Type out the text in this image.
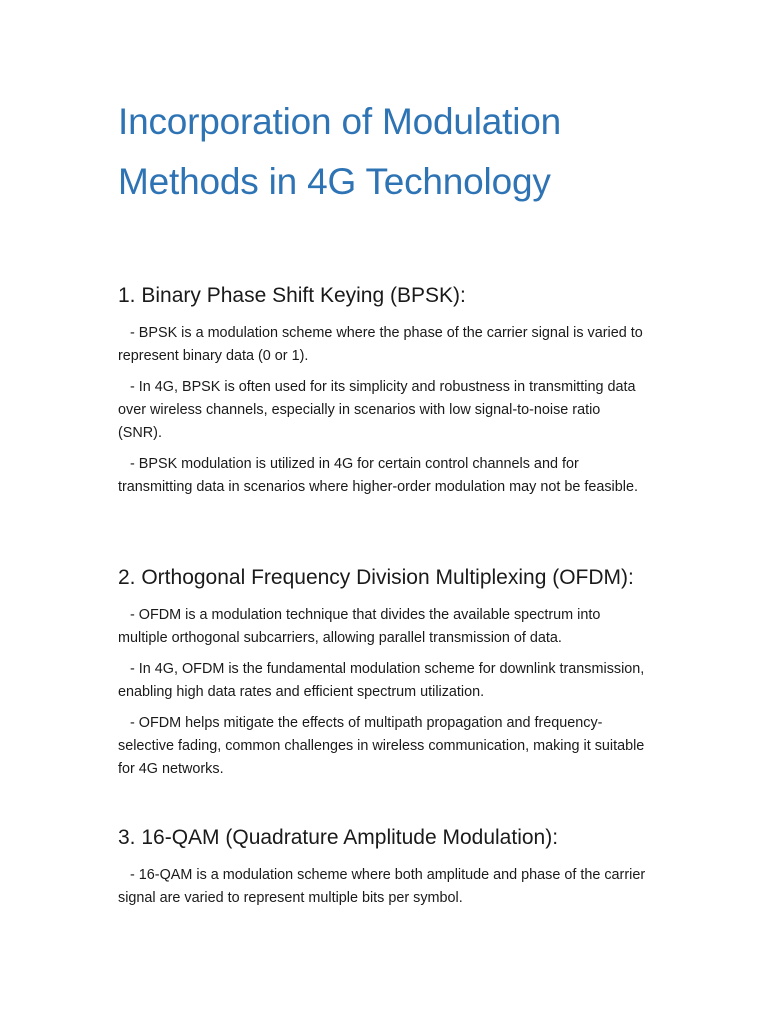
Incorporation of Modulation Methods in 4G Technology
1. Binary Phase Shift Keying (BPSK):

- BPSK is a modulation scheme where the phase of the carrier signal is varied to represent binary data (0 or 1).

- In 4G, BPSK is often used for its simplicity and robustness in transmitting data over wireless channels, especially in scenarios with low signal-to-noise ratio (SNR).

- BPSK modulation is utilized in 4G for certain control channels and for transmitting data in scenarios where higher-order modulation may not be feasible.

2. Orthogonal Frequency Division Multiplexing (OFDM):

- OFDM is a modulation technique that divides the available spectrum into multiple orthogonal subcarriers, allowing parallel transmission of data.

- In 4G, OFDM is the fundamental modulation scheme for downlink transmission, enabling high data rates and efficient spectrum utilization.

- OFDM helps mitigate the effects of multipath propagation and frequency-selective fading, common challenges in wireless communication, making it suitable for 4G networks.

3. 16-QAM (Quadrature Amplitude Modulation):

- 16-QAM is a modulation scheme where both amplitude and phase of the carrier signal are varied to represent multiple bits per symbol.
